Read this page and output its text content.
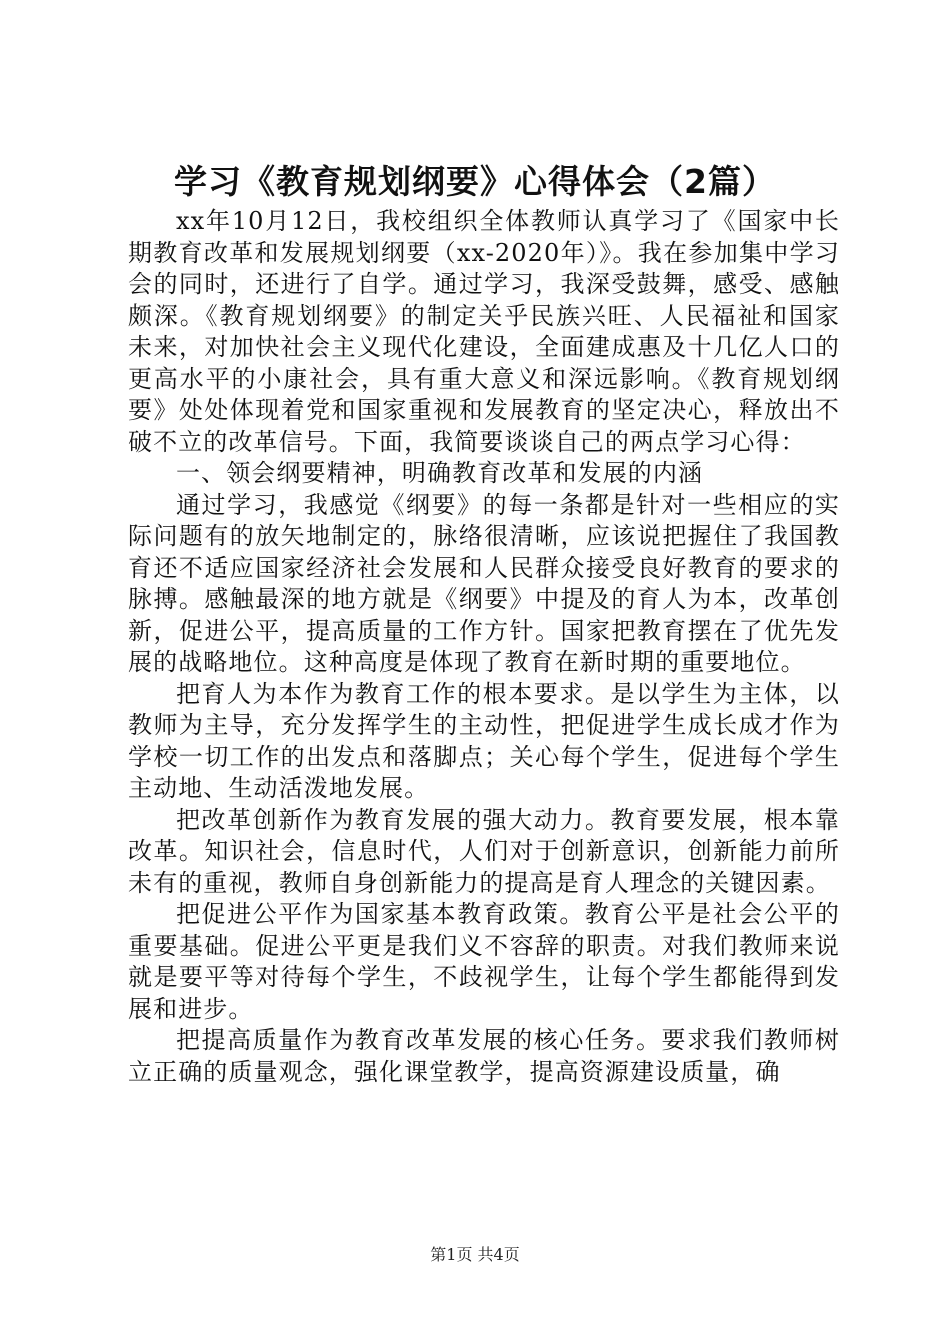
学习《教育规划纲要》心得体会（2篇）

xx年10月12日，我校组织全体教师认真学习了《国家中长期教育改革和发展规划纲要（xx-2020年）》。我在参加集中学习会的同时，还进行了自学。通过学习，我深受鼓舞，感受、感触颇深。《教育规划纲要》的制定关乎民族兴旺、人民福祉和国家未来，对加快社会主义现代化建设，全面建成惠及十几亿人口的更高水平的小康社会，具有重大意义和深远影响。《教育规划纲要》处处体现着党和国家重视和发展教育的坚定决心，释放出不破不立的改革信号。下面，我简要谈谈自己的两点学习心得：

一、领会纲要精神，明确教育改革和发展的内涵

通过学习，我感觉《纲要》的每一条都是针对一些相应的实际问题有的放矢地制定的，脉络很清晰，应该说把握住了我国教育还不适应国家经济社会发展和人民群众接受良好教育的要求的脉搏。感触最深的地方就是《纲要》中提及的育人为本，改革创新，促进公平，提高质量的工作方针。国家把教育摆在了优先发展的战略地位。这种高度是体现了教育在新时期的重要地位。

把育人为本作为教育工作的根本要求。是以学生为主体，以教师为主导，充分发挥学生的主动性，把促进学生成长成才作为学校一切工作的出发点和落脚点；关心每个学生，促进每个学生主动地、生动活泼地发展。

把改革创新作为教育发展的强大动力。教育要发展，根本靠改革。知识社会，信息时代，人们对于创新意识，创新能力前所未有的重视，教师自身创新能力的提高是育人理念的关键因素。

把促进公平作为国家基本教育政策。教育公平是社会公平的重要基础。促进公平更是我们义不容辞的职责。对我们教师来说就是要平等对待每个学生，不歧视学生，让每个学生都能得到发展和进步。

把提高质量作为教育改革发展的核心任务。要求我们教师树立正确的质量观念，强化课堂教学，提高资源建设质量，确

第1页 共4页
